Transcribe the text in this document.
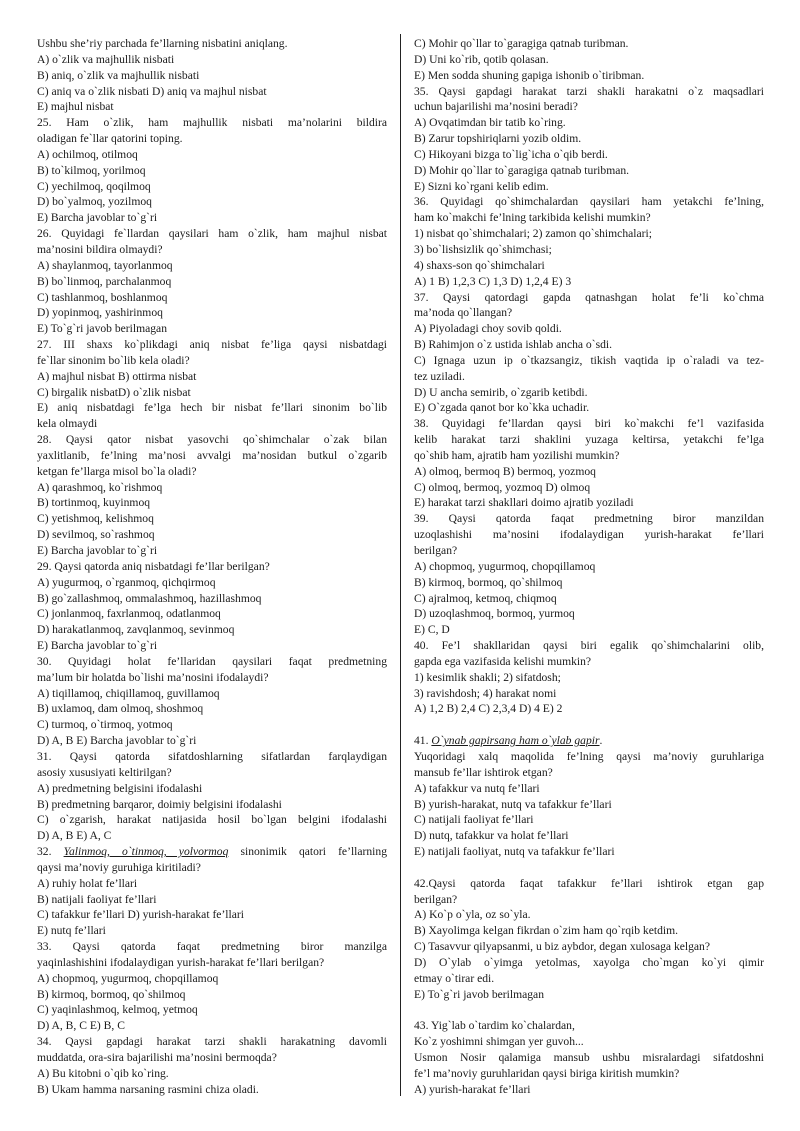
Ushbu she’riy parchada fe’llarning nisbatini aniqlang.
A) o`zlik va majhullik nisbati
B) aniq, o`zlik va majhullik nisbati
C) aniq va o`zlik nisbati D) aniq va majhul nisbat
E) majhul nisbat
25. Ham o`zlik, ham majhullik nisbati ma’nolarini bildira
oladigan fe`llar qatorini toping.
A) ochilmoq, otilmoq
B) to`kilmoq, yorilmoq
C) yechilmoq, qoqilmoq
D) bo`yalmoq, yozilmoq
E) Barcha javoblar to`g`ri
26. Quyidagi fe`llardan qaysilari ham o`zlik, ham majhul nisbat
ma’nosini bildira olmaydi?
A) shaylanmoq, tayorlanmoq
B) bo`linmoq, parchalanmoq
C) tashlanmoq, boshlanmoq
D) yopinmoq, yashirinmoq
E) To`g`ri javob berilmagan
27. III shaxs ko`plikdagi aniq nisbat fe’liga qaysi nisbatdagi
fe`llar sinonim bo`lib kela oladi?
A) majhul nisbat B) ottirma nisbat
C) birgalik nisbatD) o`zlik nisbat
E) aniq nisbatdagi fe’lga hech bir nisbat fe’llari sinonim bo`lib
kela olmaydi
28. Qaysi qator nisbat yasovchi qo`shimchalar o`zak bilan
yaxlitlanib, fe’lning ma’nosi avvalgi ma’nosidan butkul o`zgarib
ketgan fe’llarga misol bo`la oladi?
A) qarashmoq, ko`rishmoq
B) tortinmoq, kuyinmoq
C) yetishmoq, kelishmoq
D) sevilmoq, so`rashmoq
E) Barcha javoblar to`g`ri
29. Qaysi qatorda aniq nisbatdagi fe’llar berilgan?
A) yugurmoq, o`rganmoq, qichqirmoq
B) go`zallashmoq, ommalashmoq, hazillashmoq
C) jonlanmoq, faxrlanmoq, odatlanmoq
D) harakatlanmoq, zavqlanmoq, sevinmoq
E) Barcha javoblar to`g`ri
30. Quyidagi holat fe’llaridan qaysilari faqat predmetning
ma’lum bir holatda bo`lishi ma’nosini ifodalaydi?
A) tiqillamoq, chiqillamoq, guvillamoq
B) uxlamoq, dam olmoq, shoshmoq
C) turmoq, o`tirmoq, yotmoq
D) A, B E) Barcha javoblar to`g`ri
31. Qaysi qatorda sifatdoshlarning sifatlardan farqlaydigan
asosiy xususiyati keltirilgan?
A) predmetning belgisini ifodalashi
B) predmetning barqaror, doimiy belgisini ifodalashi
C) o`zgarish, harakat natijasida hosil bo`lgan belgini ifodalashi
D) A, B E) A, C
32. Yalinmoq, o`tinmoq, yolvormoq sinonimik qatori fe’llarning
qaysi ma’noviy guruhiga kiritiladi?
A) ruhiy holat fe’llari
B) natijali faoliyat fe’llari
C) tafakkur fe’llari D) yurish-harakat fe’llari
E) nutq fe’llari
33. Qaysi qatorda faqat predmetning biror manzilga
yaqinlashishini ifodalaydigan yurish-harakat fe’llari berilgan?
A) chopmoq, yugurmoq, chopqillamoq
B) kirmoq, bormoq, qo`shilmoq
C) yaqinlashmoq, kelmoq, yetmoq
D) A, B, C E) B, C
34. Qaysi gapdagi harakat tarzi shakli harakatning davomli
muddatda, ora-sira bajarilishi ma’nosini bermoqda?
A) Bu kitobni o`qib ko`ring.
B) Ukam hamma narsaning rasmini chiza oladi.
C) Mohir qo`llar to`garagiga qatnab turibman.
D) Uni ko`rib, qotib qolasan.
E) Men sodda shuning gapiga ishonib o`tiribman.
35. Qaysi gapdagi harakat tarzi shakli harakatni o`z maqsadlari
uchun bajarilishi ma’nosini beradi?
A) Ovqatimdan bir tatib ko`ring.
B) Zarur topshiriqlarni yozib oldim.
C) Hikoyani bizga to`lig`icha o`qib berdi.
D) Mohir qo`llar to`garagiga qatnab turibman.
E) Sizni ko`rgani kelib edim.
36. Quyidagi qo`shimchalardan qaysilari ham yetakchi fe’lning,
ham ko`makchi fe’lning tarkibida kelishi mumkin?
1) nisbat qo`shimchalari; 2) zamon qo`shimchalari;
3) bo`lishsizlik qo`shimchasi;
4) shaxs-son qo`shimchalari
A) 1 B) 1,2,3 C) 1,3 D) 1,2,4 E) 3
37. Qaysi qatordagi gapda qatnashgan holat fe’li ko`chma
ma’noda qo`llangan?
A) Piyoladagi choy sovib qoldi.
B) Rahimjon o`z ustida ishlab ancha o`sdi.
C) Ignaga uzun ip o`tkazsangiz, tikish vaqtida ip o`raladi va tez-
tez uziladi.
D) U ancha semirib, o`zgarib ketibdi.
E) O`zgada qanot bor ko`kka uchadir.
38. Quyidagi fe’llardan qaysi biri ko`makchi fe’l vazifasida
kelib harakat tarzi shaklini yuzaga keltirsa, yetakchi fe’lga
qo`shib ham, ajratib ham yozilishi mumkin?
A) olmoq, bermoq B) bermoq, yozmoq
C) olmoq, bermoq, yozmoq D) olmoq
E) harakat tarzi shakllari doimo ajratib yoziladi
39. Qaysi qatorda faqat predmetning biror manzildan
uzoqlashishi ma’nosini ifodalaydigan yurish-harakat fe’llari
berilgan?
A) chopmoq, yugurmoq, chopqillamoq
B) kirmoq, bormoq, qo`shilmoq
C) ajralmoq, ketmoq, chiqmoq
D) uzoqlashmoq, bormoq, yurmoq
E) C, D
40. Fe’l shakllaridan qaysi biri egalik qo`shimchalarini olib,
gapda ega vazifasida kelishi mumkin?
1) kesimlik shakli; 2) sifatdosh;
3) ravishdosh; 4) harakat nomi
A) 1,2 B) 2,4 C) 2,3,4 D) 4 E) 2
41. O`ynab gapirsang ham o`ylab gapir.
Yuqoridagi xalq maqolida fe’lning qaysi ma’noviy guruhlariga
mansub fe’llar ishtirok etgan?
A) tafakkur va nutq fe’llari
B) yurish-harakat, nutq va tafakkur fe’llari
C) natijali faoliyat fe’llari
D) nutq, tafakkur va holat fe’llari
E) natijali faoliyat, nutq va tafakkur fe’llari
42.Qaysi qatorda faqat tafakkur fe’llari ishtirok etgan gap
berilgan?
A) Ko`p o`yla, oz so`yla.
B) Xayolimga kelgan fikrdan o`zim ham qo`rqib ketdim.
C) Tasavvur qilyapsanmi, u biz aybdor, degan xulosaga kelgan?
D) O`ylab o`yimga yetolmas, xayolga cho`mgan ko`yi qimir
etmay o`tirar edi.
E) To`g`ri javob berilmagan
43. Yig`lab o`tardim ko`chalardan,
Ko`z yoshimni shimgan yer guvoh...
Usmon Nosir qalamiga mansub ushbu misralardagi sifatdoshni
fe’l ma’noviy guruhlaridan qaysi biriga kiritish mumkin?
A) yurish-harakat fe’llari
